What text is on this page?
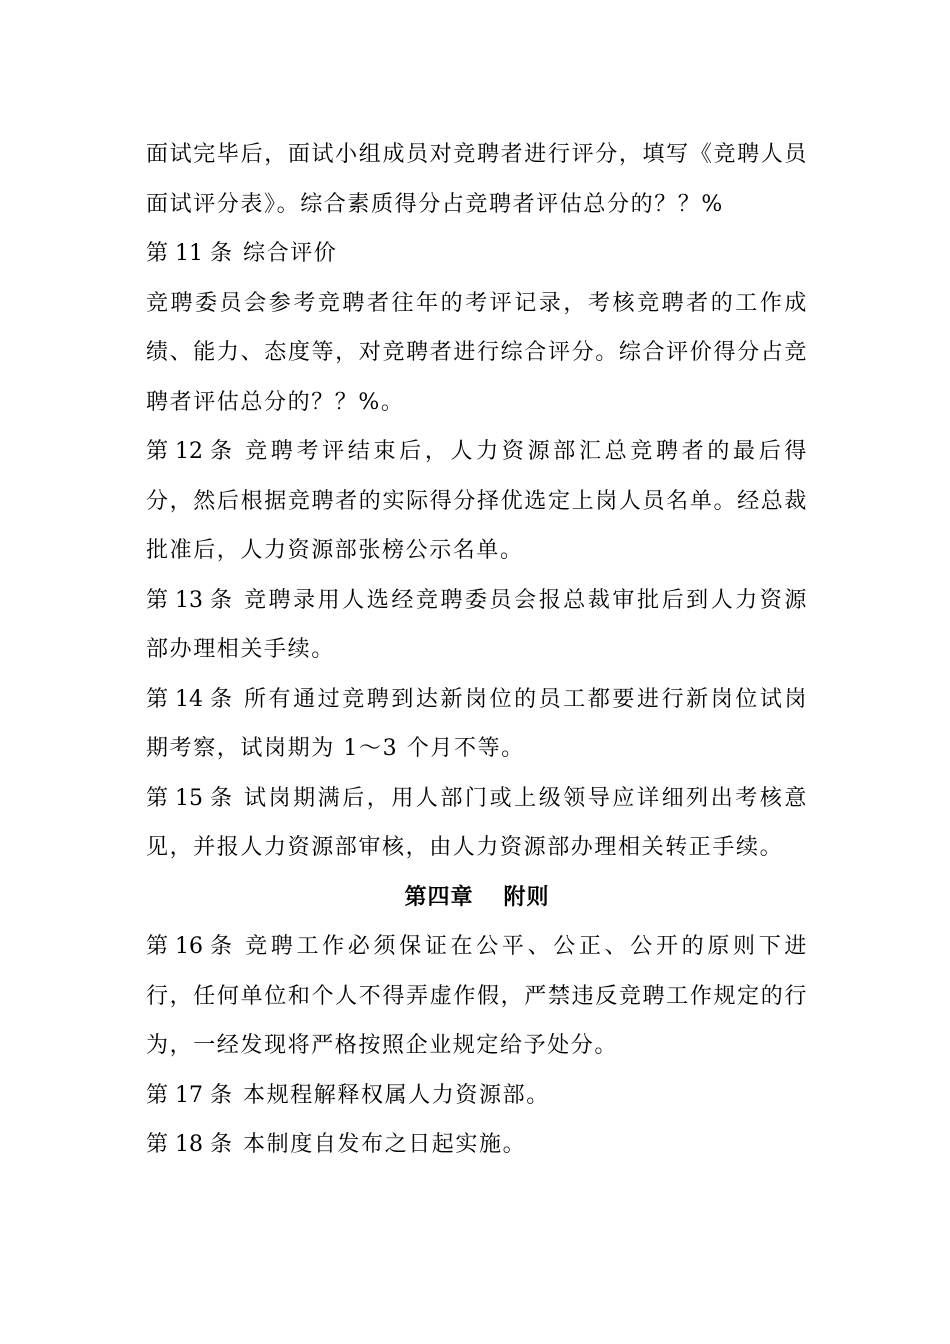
面试完毕后，面试小组成员对竞聘者进行评分，填写《竞聘人员面试评分表》。综合素质得分占竞聘者评估总分的？？%

第 11 条 综合评价

竞聘委员会参考竞聘者往年的考评记录，考核竞聘者的工作成绩、能力、态度等，对竞聘者进行综合评分。综合评价得分占竞聘者评估总分的？？%。

第 12 条 竞聘考评结束后，人力资源部汇总竞聘者的最后得分，然后根据竞聘者的实际得分择优选定上岗人员名单。经总裁批准后，人力资源部张榜公示名单。

第 13 条 竞聘录用人选经竞聘委员会报总裁审批后到人力资源部办理相关手续。

第 14 条 所有通过竞聘到达新岗位的员工都要进行新岗位试岗期考察，试岗期为 1～3 个月不等。

第 15 条 试岗期满后，用人部门或上级领导应详细列出考核意见，并报人力资源部审核，由人力资源部办理相关转正手续。

第四章 附则

第 16 条 竞聘工作必须保证在公平、公正、公开的原则下进行，任何单位和个人不得弄虚作假，严禁违反竞聘工作规定的行为，一经发现将严格按照企业规定给予处分。

第 17 条 本规程解释权属人力资源部。

第 18 条 本制度自发布之日起实施。
